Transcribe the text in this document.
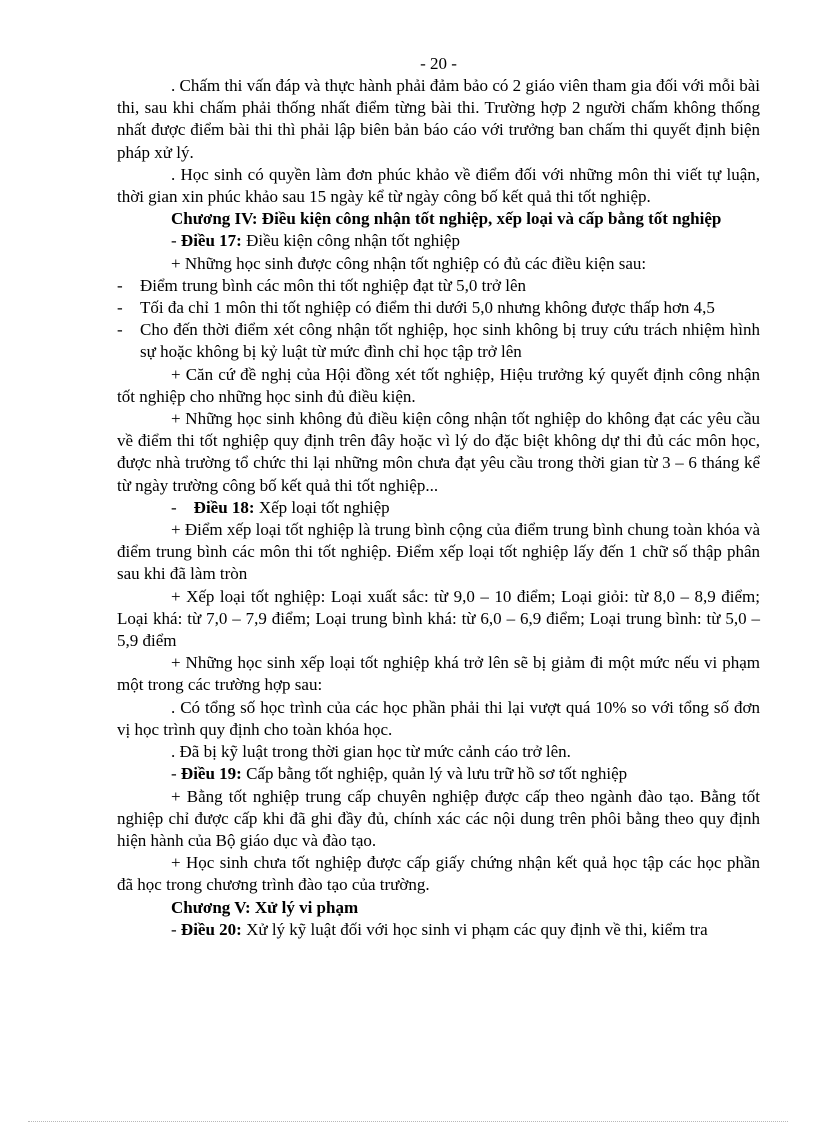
- 20 -

. Chấm thi vấn đáp và thực hành phải đảm bảo có 2 giáo viên tham gia đối với mỗi bài thi, sau khi chấm phải thống nhất điểm từng bài thi. Trường hợp 2 người chấm không thống nhất được điểm bài thi thì phải lập biên bản báo cáo với trưởng ban chấm thi quyết định biện pháp xử lý.

. Học sinh có quyền làm đơn phúc khảo về điểm đối với những môn thi viết tự luận, thời gian xin phúc khảo sau 15 ngày kể từ ngày công bố kết quả thi tốt nghiệp.

Chương IV: Điều kiện công nhận tốt nghiệp, xếp loại và cấp bằng tốt nghiệp

- Điều 17: Điều kiện công nhận tốt nghiệp

+ Những học sinh được công nhận tốt nghiệp có đủ các điều kiện sau:

-	Điểm trung bình các môn thi tốt nghiệp đạt từ 5,0 trở lên
-	Tối đa chỉ 1 môn thi tốt nghiệp có điểm thi dưới 5,0 nhưng không được thấp hơn 4,5
-	Cho đến thời điểm xét công nhận tốt nghiệp, học sinh không bị truy cứu trách nhiệm hình sự hoặc không bị kỷ luật từ mức đình chỉ học tập trở lên

+ Căn cứ đề nghị của Hội đồng xét tốt nghiệp, Hiệu trưởng ký quyết định công nhận tốt nghiệp cho những học sinh đủ điều kiện.

+ Những học sinh không đủ điều kiện công nhận tốt nghiệp do không đạt các yêu cầu về điểm thi tốt nghiệp quy định trên đây hoặc vì lý do đặc biệt không dự thi đủ các môn học, được nhà trường tổ chức thi lại những môn chưa đạt yêu cầu trong thời gian từ 3 – 6 tháng kể từ ngày trường công bố kết quả thi tốt nghiệp...

- Điều 18: Xếp loại tốt nghiệp

+ Điểm xếp loại tốt nghiệp là trung bình cộng của điểm trung bình chung toàn khóa và điểm trung bình các môn thi tốt nghiệp. Điểm xếp loại tốt nghiệp lấy đến 1 chữ số thập phân sau khi đã làm tròn

+ Xếp loại tốt nghiệp: Loại xuất sắc: từ 9,0 – 10 điểm; Loại giỏi: từ 8,0 – 8,9 điểm; Loại khá: từ 7,0 – 7,9 điểm; Loại trung bình khá: từ 6,0 – 6,9 điểm; Loại trung bình: từ 5,0 – 5,9 điểm

+ Những học sinh xếp loại tốt nghiệp khá trở lên sẽ bị giảm đi một mức nếu vi phạm một trong các trường hợp sau:

. Có tổng số học trình của các học phần phải thi lại vượt quá 10% so với tổng số đơn vị học trình quy định cho toàn khóa học.

. Đã bị kỹ luật trong thời gian học từ mức cảnh cáo trở lên.

- Điều 19: Cấp bằng tốt nghiệp, quản lý và lưu trữ hồ sơ tốt nghiệp

+ Bằng tốt nghiệp trung cấp chuyên nghiệp được cấp theo ngành đào tạo. Bằng tốt nghiệp chỉ được cấp khi đã ghi đầy đủ, chính xác các nội dung trên phôi bằng theo quy định hiện hành của Bộ giáo dục và đào tạo.

+ Học sinh chưa tốt nghiệp được cấp giấy chứng nhận kết quả học tập các học phần đã học trong chương trình đào tạo của trường.

Chương V: Xử lý vi phạm

- Điều 20: Xử lý kỹ luật đối với học sinh vi phạm các quy định về thi, kiểm tra
